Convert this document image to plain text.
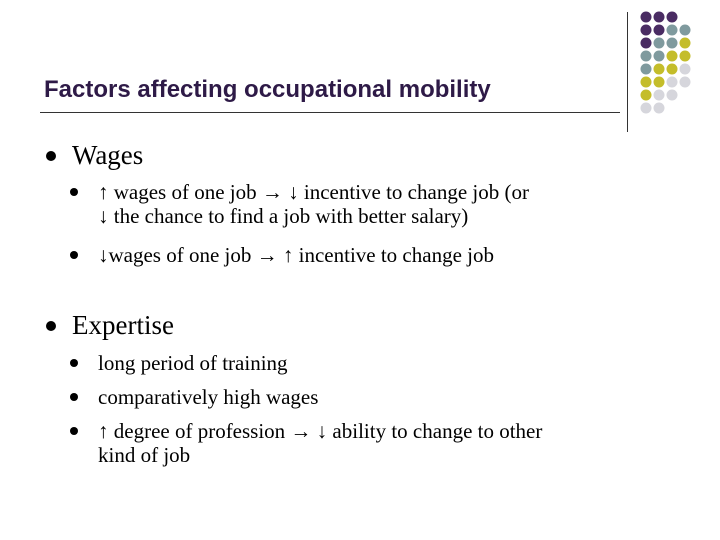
Factors affecting occupational mobility
Wages
↑ wages of one job → ↓ incentive to change job (or
↓ the chance to find a job with better salary)
↓wages of one job → ↑ incentive to change job
Expertise
long period of training
comparatively high wages
↑ degree of profession → ↓ ability to change to other
kind of job
